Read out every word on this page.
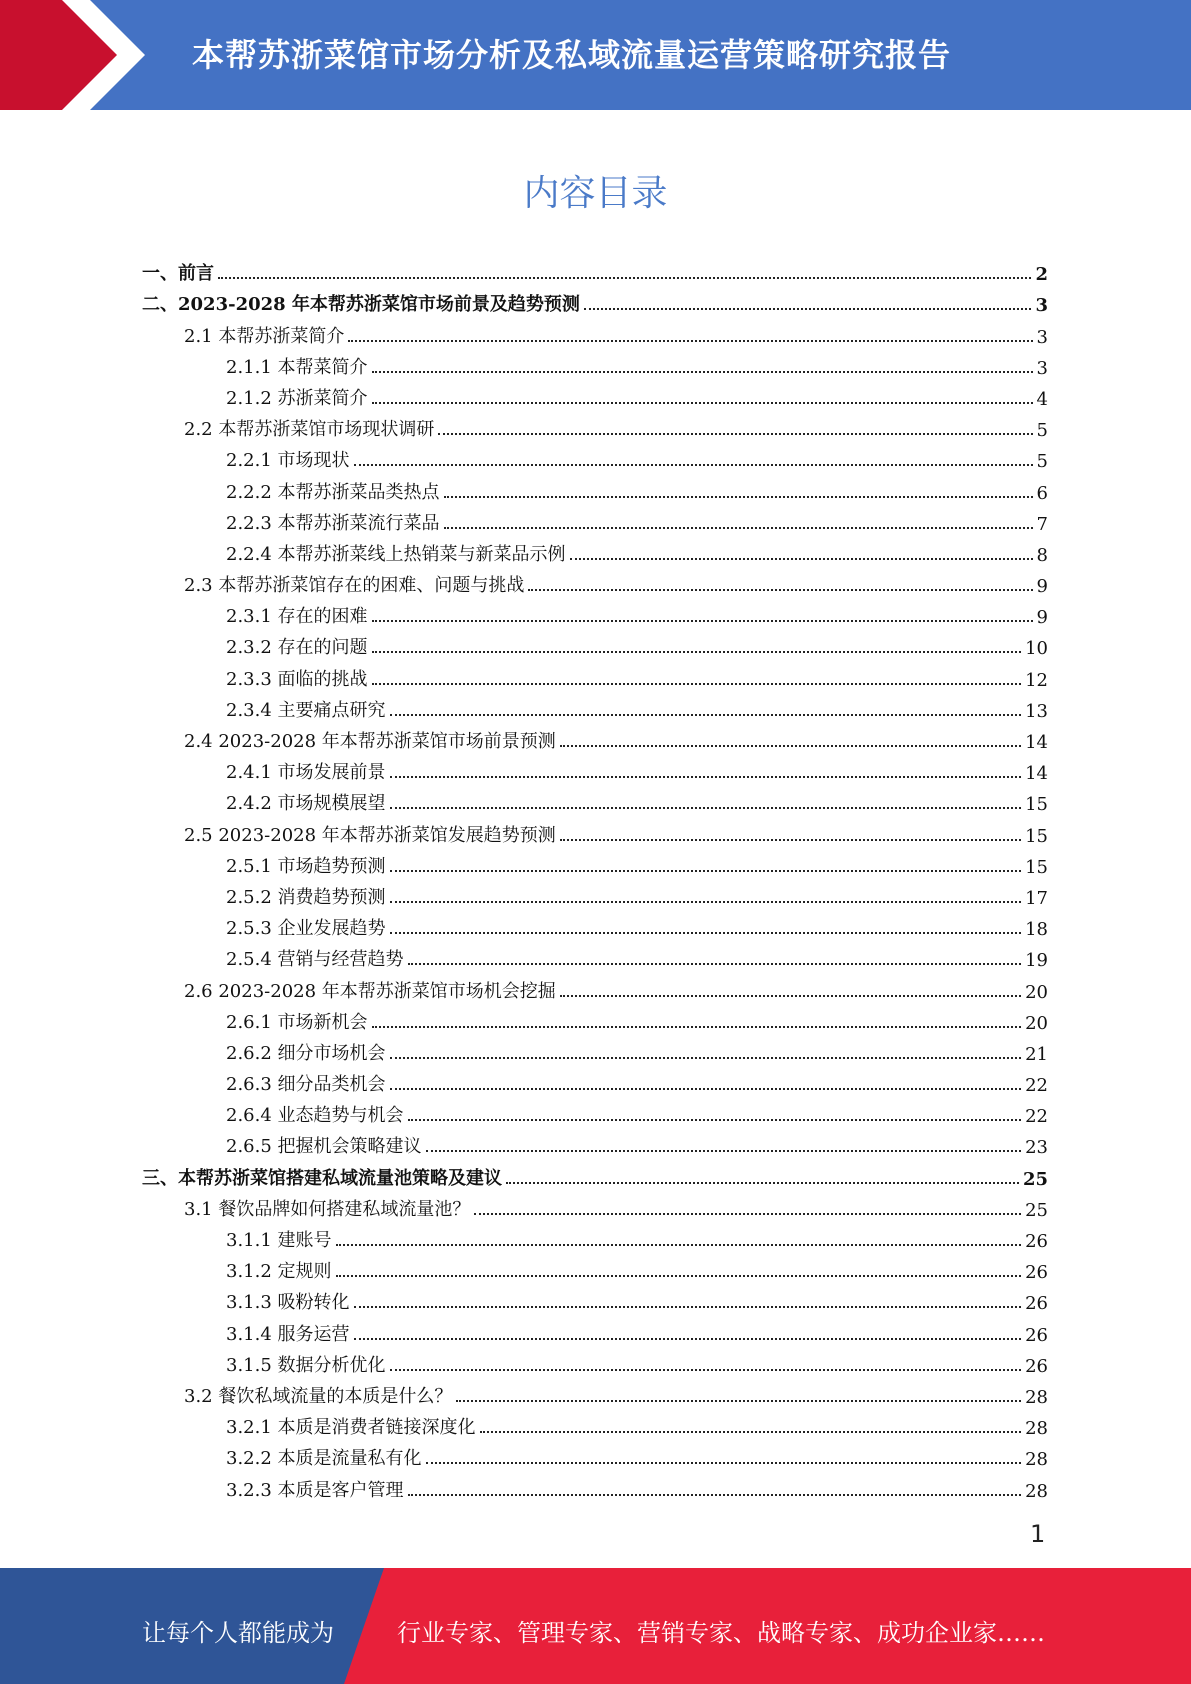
本帮苏浙菜馆市场分析及私域流量运营策略研究报告
内容目录
一、前言	2
二、2023-2028 年本帮苏浙菜馆市场前景及趋势预测	3
2.1 本帮苏浙菜简介	3
2.1.1 本帮菜简介	3
2.1.2 苏浙菜简介	4
2.2 本帮苏浙菜馆市场现状调研	5
2.2.1 市场现状	5
2.2.2 本帮苏浙菜品类热点	6
2.2.3 本帮苏浙菜流行菜品	7
2.2.4 本帮苏浙菜线上热销菜与新菜品示例	8
2.3 本帮苏浙菜馆存在的困难、问题与挑战	9
2.3.1 存在的困难	9
2.3.2 存在的问题	10
2.3.3 面临的挑战	12
2.3.4 主要痛点研究	13
2.4 2023-2028 年本帮苏浙菜馆市场前景预测	14
2.4.1 市场发展前景	14
2.4.2 市场规模展望	15
2.5 2023-2028 年本帮苏浙菜馆发展趋势预测	15
2.5.1 市场趋势预测	15
2.5.2 消费趋势预测	17
2.5.3 企业发展趋势	18
2.5.4 营销与经营趋势	19
2.6 2023-2028 年本帮苏浙菜馆市场机会挖掘	20
2.6.1 市场新机会	20
2.6.2 细分市场机会	21
2.6.3 细分品类机会	22
2.6.4 业态趋势与机会	22
2.6.5 把握机会策略建议	23
三、本帮苏浙菜馆搭建私域流量池策略及建议	25
3.1 餐饮品牌如何搭建私域流量池？	25
3.1.1 建账号	26
3.1.2 定规则	26
3.1.3 吸粉转化	26
3.1.4 服务运营	26
3.1.5 数据分析优化	26
3.2 餐饮私域流量的本质是什么？	28
3.2.1 本质是消费者链接深度化	28
3.2.2 本质是流量私有化	28
3.2.3 本质是客户管理	28
1
让每个人都能成为	行业专家、管理专家、营销专家、战略专家、成功企业家……
